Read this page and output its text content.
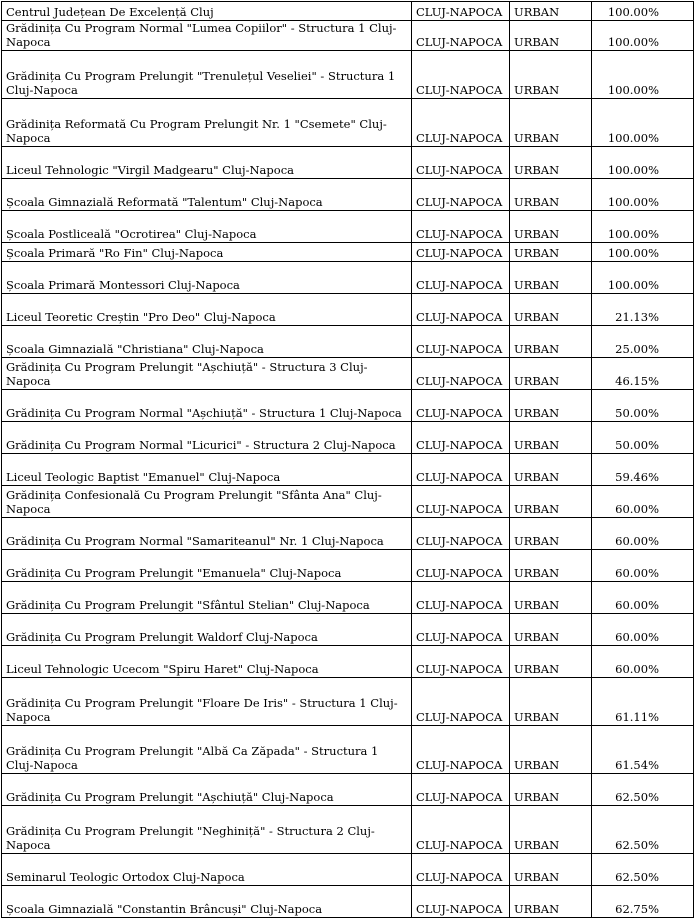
Centrul Județean De Excelență Cluj	CLUJ-NAPOCA	URBAN	100.00%
Grădinița Cu Program Normal "Lumea Copiilor" - Structura 1 Cluj-Napoca	CLUJ-NAPOCA	URBAN	100.00%
Grădinița Cu Program Prelungit "Trenulețul Veseliei" - Structura 1 Cluj-Napoca	CLUJ-NAPOCA	URBAN	100.00%
Grădinița Reformată Cu Program Prelungit Nr. 1 "Csemete" Cluj-Napoca	CLUJ-NAPOCA	URBAN	100.00%
Liceul Tehnologic "Virgil Madgearu" Cluj-Napoca	CLUJ-NAPOCA	URBAN	100.00%
Școala Gimnazială Reformată "Talentum" Cluj-Napoca	CLUJ-NAPOCA	URBAN	100.00%
Școala Postliceală "Ocrotirea" Cluj-Napoca	CLUJ-NAPOCA	URBAN	100.00%
Școala Primară "Ro Fin" Cluj-Napoca	CLUJ-NAPOCA	URBAN	100.00%
Școala Primară Montessori Cluj-Napoca	CLUJ-NAPOCA	URBAN	100.00%
Liceul Teoretic Creștin "Pro Deo" Cluj-Napoca	CLUJ-NAPOCA	URBAN	21.13%
Școala Gimnazială "Christiana" Cluj-Napoca	CLUJ-NAPOCA	URBAN	25.00%
Grădinița Cu Program Prelungit "Așchiuță" - Structura 3 Cluj-Napoca	CLUJ-NAPOCA	URBAN	46.15%
Grădinița Cu Program Normal "Așchiuță" - Structura 1 Cluj-Napoca	CLUJ-NAPOCA	URBAN	50.00%
Grădinița Cu Program Normal "Licurici" - Structura 2 Cluj-Napoca	CLUJ-NAPOCA	URBAN	50.00%
Liceul Teologic Baptist "Emanuel" Cluj-Napoca	CLUJ-NAPOCA	URBAN	59.46%
Grădinița Confesională Cu Program Prelungit "Sfânta Ana" Cluj-Napoca	CLUJ-NAPOCA	URBAN	60.00%
Grădinița Cu Program Normal "Samariteanul" Nr. 1 Cluj-Napoca	CLUJ-NAPOCA	URBAN	60.00%
Grădinița Cu Program Prelungit "Emanuela" Cluj-Napoca	CLUJ-NAPOCA	URBAN	60.00%
Grădinița Cu Program Prelungit "Sfântul Stelian" Cluj-Napoca	CLUJ-NAPOCA	URBAN	60.00%
Grădinița Cu Program Prelungit Waldorf Cluj-Napoca	CLUJ-NAPOCA	URBAN	60.00%
Liceul Tehnologic Ucecom "Spiru Haret" Cluj-Napoca	CLUJ-NAPOCA	URBAN	60.00%
Grădinița Cu Program Prelungit "Floare De Iris" - Structura 1 Cluj-Napoca	CLUJ-NAPOCA	URBAN	61.11%
Grădinița Cu Program Prelungit "Albă Ca Zăpada" - Structura 1 Cluj-Napoca	CLUJ-NAPOCA	URBAN	61.54%
Grădinița Cu Program Prelungit "Așchiuță" Cluj-Napoca	CLUJ-NAPOCA	URBAN	62.50%
Grădinița Cu Program Prelungit "Neghiniță" - Structura 2 Cluj-Napoca	CLUJ-NAPOCA	URBAN	62.50%
Seminarul Teologic Ortodox Cluj-Napoca	CLUJ-NAPOCA	URBAN	62.50%
Școala Gimnazială "Constantin Brâncuși" Cluj-Napoca	CLUJ-NAPOCA	URBAN	62.75%
